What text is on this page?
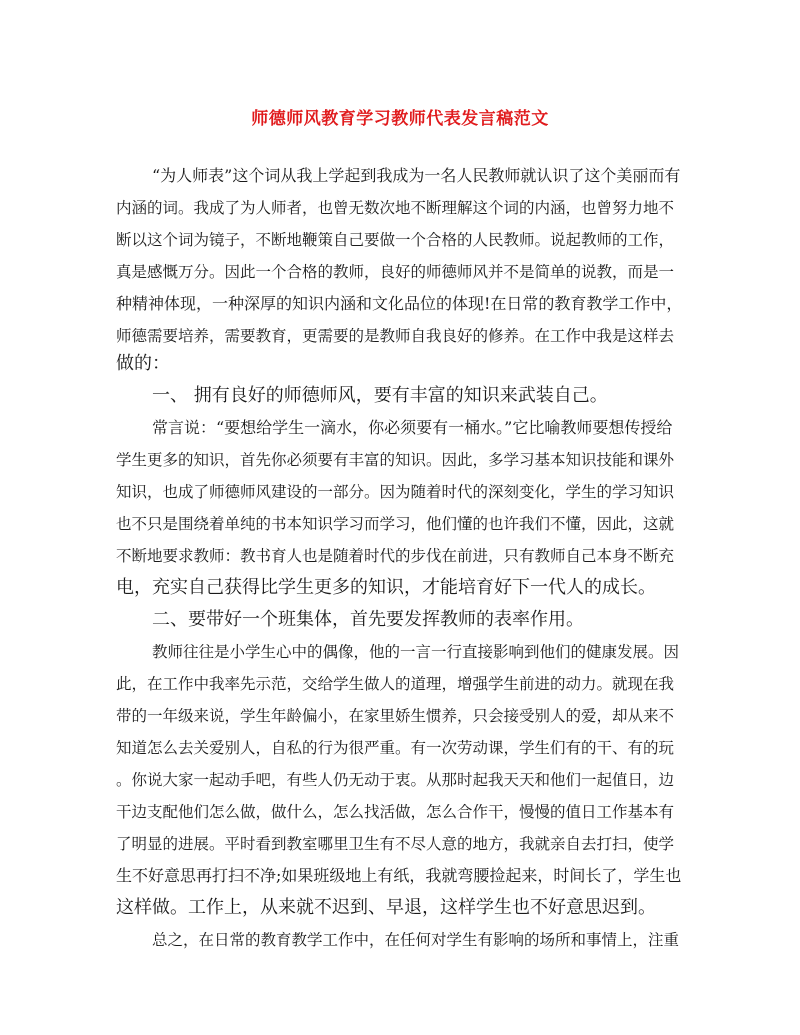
师德师风教育学习教师代表发言稿范文
“为人师表”这个词从我上学起到我成为一名人民教师就认识了这个美丽而有
内涵的词。我成了为人师者，也曾无数次地不断理解这个词的内涵，也曾努力地不
断以这个词为镜子，不断地鞭策自己要做一个合格的人民教师。说起教师的工作，
真是感慨万分。因此一个合格的教师，良好的师德师风并不是简单的说教，而是一
种精神体现，一种深厚的知识内涵和文化品位的体现!在日常的教育教学工作中，
师德需要培养，需要教育，更需要的是教师自我良好的修养。在工作中我是这样去
做的：
一、 拥有良好的师德师风，要有丰富的知识来武装自己。
常言说：“要想给学生一滴水，你必须要有一桶水。”它比喻教师要想传授给
学生更多的知识，首先你必须要有丰富的知识。因此，多学习基本知识技能和课外
知识，也成了师德师风建设的一部分。因为随着时代的深刻变化，学生的学习知识
也不只是围绕着单纯的书本知识学习而学习，他们懂的也许我们不懂，因此，这就
不断地要求教师：教书育人也是随着时代的步伐在前进，只有教师自己本身不断充
电，充实自己获得比学生更多的知识，才能培育好下一代人的成长。
二、要带好一个班集体，首先要发挥教师的表率作用。
教师往往是小学生心中的偶像，他的一言一行直接影响到他们的健康发展。因
此，在工作中我率先示范，交给学生做人的道理，增强学生前进的动力。就现在我
带的一年级来说，学生年龄偏小，在家里娇生惯养，只会接受别人的爱，却从来不
知道怎么去关爱别人，自私的行为很严重。有一次劳动课，学生们有的干、有的玩
。你说大家一起动手吧，有些人仍无动于衷。从那时起我天天和他们一起值日，边
干边支配他们怎么做，做什么，怎么找活做，怎么合作干，慢慢的值日工作基本有
了明显的进展。平时看到教室哪里卫生有不尽人意的地方，我就亲自去打扫，使学
生不好意思再打扫不净;如果班级地上有纸，我就弯腰捡起来，时间长了，学生也
这样做。工作上，从来就不迟到、早退，这样学生也不好意思迟到。
总之，在日常的教育教学工作中，在任何对学生有影响的场所和事情上，注重
